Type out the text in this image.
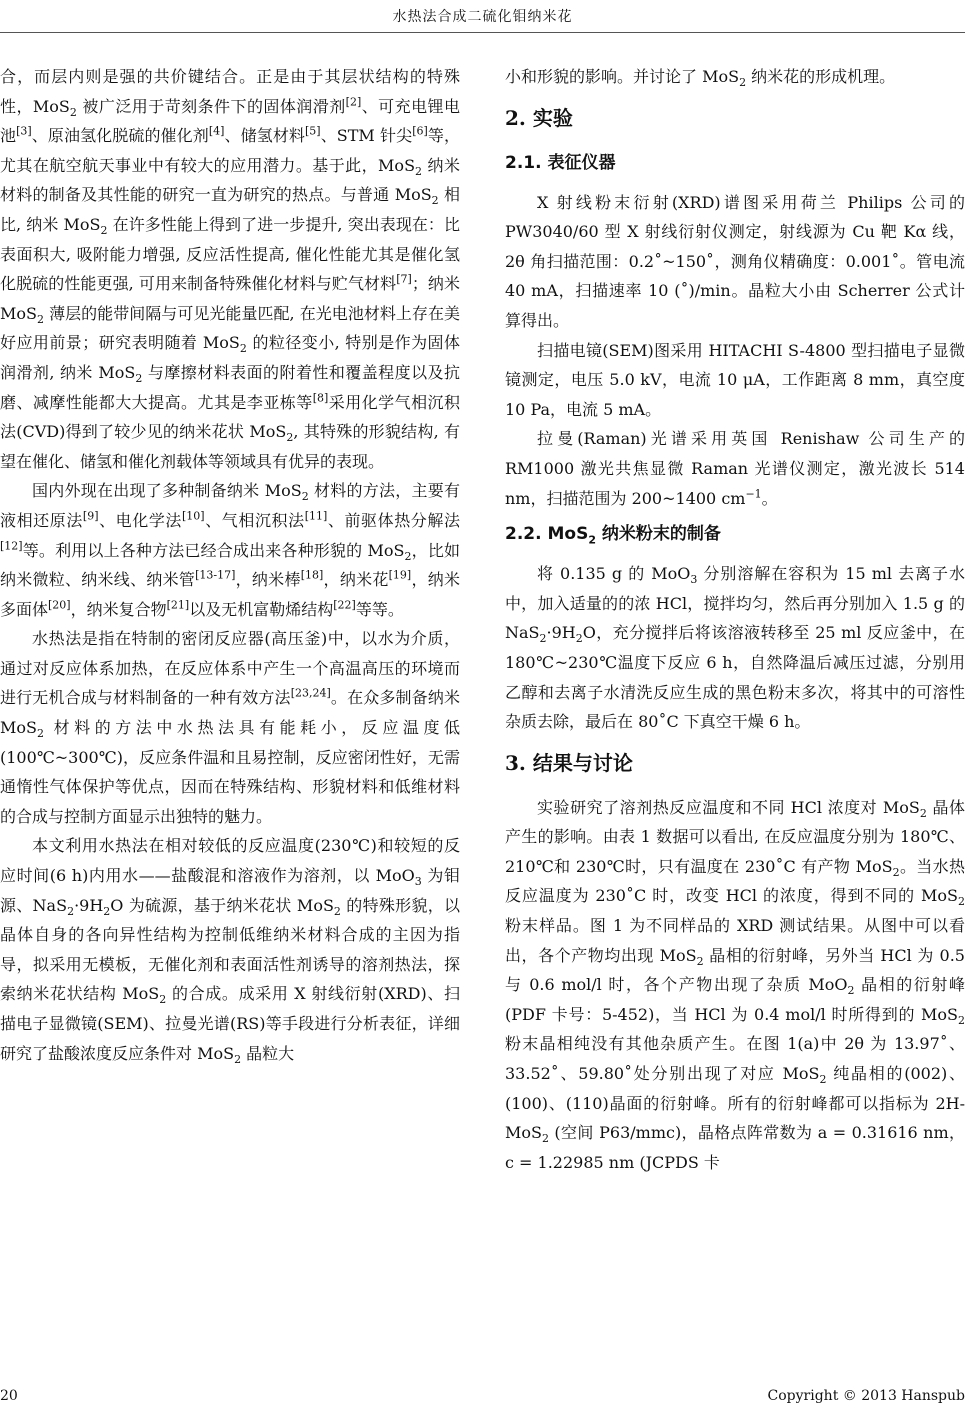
水热法合成二硫化钼纳米花

合，而层内则是强的共价键结合。正是由于其层状结构的特殊性，MoS$_2$ 被广泛用于苛刻条件下的固体润滑剂[2]、可充电锂电池[3]、原油氢化脱硫的催化剂[4]、储氢材料[5]、STM 针尖[6]等，尤其在航空航天事业中有较大的应用潜力。基于此，MoS$_2$ 纳米材料的制备及其性能的研究一直为研究的热点。与普通 MoS$_2$ 相比, 纳米 MoS$_2$ 在许多性能上得到了进一步提升, 突出表现在：比表面积大, 吸附能力增强, 反应活性提高, 催化性能尤其是催化氢化脱硫的性能更强, 可用来制备特殊催化材料与贮气材料[7]；纳米 MoS$_2$ 薄层的能带间隔与可见光能量匹配, 在光电池材料上存在美好应用前景；研究表明随着 MoS$_2$ 的粒径变小, 特别是作为固体润滑剂, 纳米 MoS$_2$ 与摩擦材料表面的附着性和覆盖程度以及抗磨、减摩性能都大大提高。尤其是李亚栋等[8]采用化学气相沉积法(CVD)得到了较少见的纳米花状 MoS$_2$, 其特殊的形貌结构, 有望在催化、储氢和催化剂载体等领域具有优异的表现。

国内外现在出现了多种制备纳米 MoS$_2$ 材料的方法，主要有液相还原法[9]、电化学法[10]、气相沉积法[11]、前驱体热分解法[12]等。利用以上各种方法已经合成出来各种形貌的 MoS$_2$，比如纳米微粒、纳米线、纳米管[13-17]，纳米棒[18]，纳米花[19]，纳米多面体[20]，纳米复合物[21]以及无机富勒烯结构[22]等等。

水热法是指在特制的密闭反应器(高压釜)中，以水为介质，通过对反应体系加热，在反应体系中产生一个高温高压的环境而进行无机合成与材料制备的一种有效方法[23,24]。在众多制备纳米 MoS$_2$ 材料的方法中水热法具有能耗小，反应温度低(100℃~300℃)，反应条件温和且易控制，反应密闭性好，无需通惰性气体保护等优点，因而在特殊结构、形貌材料和低维材料的合成与控制方面显示出独特的魅力。

本文利用水热法在相对较低的反应温度(230℃)和较短的反应时间(6 h)内用水——盐酸混和溶液作为溶剂，以 MoO$_3$ 为钼源、$NaS_2\cdot 9H_2O$ 为硫源，基于纳米花状 MoS$_2$ 的特殊形貌，以晶体自身的各向异性结构为控制低维纳米材料合成的主因为指导，拟采用无模板，无催化剂和表面活性剂诱导的溶剂热法，探索纳米花状结构 MoS$_2$ 的合成。成采用 X 射线衍射(XRD)、扫描电子显微镜(SEM)、拉曼光谱(RS)等手段进行分析表征，详细研究了盐酸浓度反应条件对 MoS$_2$ 晶粒大

小和形貌的影响。并讨论了 MoS$_2$ 纳米花的形成机理。

2. 实验
2.1. 表征仪器

X 射线粉末衍射(XRD)谱图采用荷兰 Philips 公司的 PW3040/60 型 X 射线衍射仪测定，射线源为 Cu 靶 Kα 线，2θ 角扫描范围：0.2˚~150˚，测角仪精确度：0.001˚。管电流 40 mA，扫描速率 10 (˚)/min。晶粒大小由 Scherrer 公式计算得出。

扫描电镜(SEM)图采用 HITACHI S-4800 型扫描电子显微镜测定，电压 5.0 kV，电流 10 μA，工作距离 8 mm，真空度 10 Pa，电流 5 mA。

拉曼(Raman)光谱采用英国 Renishaw 公司生产的 RM1000 激光共焦显微 Raman 光谱仪测定，激光波长 514 nm，扫描范围为 200~1400 $cm^{-1}$。

2.2. MoS$_2$ 纳米粉末的制备

将 0.135 g 的 MoO$_3$ 分别溶解在容积为 15 ml 去离子水中，加入适量的的浓 HCl，搅拌均匀，然后再分别加入 1.5 g 的 $NaS_2\cdot 9H_2O$，充分搅拌后将该溶液转移至 25 ml 反应釜中，在 180℃~230℃温度下反应 6 h，自然降温后减压过滤，分别用乙醇和去离子水清洗反应生成的黑色粉末多次，将其中的可溶性杂质去除，最后在 80˚C 下真空干燥 6 h。

3. 结果与讨论

实验研究了溶剂热反应温度和不同 HCl 浓度对 MoS$_2$ 晶体产生的影响。由表 1 数据可以看出, 在反应温度分别为 180℃、210℃和 230℃时，只有温度在 230˚C 有产物 MoS$_2$。当水热反应温度为 230˚C 时，改变 HCl 的浓度，得到不同的 MoS$_2$ 粉末样品。图 1 为不同样品的 XRD 测试结果。从图中可以看出，各个产物均出现 MoS$_2$ 晶相的衍射峰，另外当 HCl 为 0.5 与 0.6 mol/l 时，各个产物出现了杂质 MoO$_2$ 晶相的衍射峰(PDF 卡号：5-452)，当 HCl 为 0.4 mol/l 时所得到的 MoS$_2$ 粉末晶相纯没有其他杂质产生。在图 1(a)中 2θ 为 13.97˚、33.52˚、59.80˚处分别出现了对应 MoS$_2$ 纯晶相的(002)、(100)、(110)晶面的衍射峰。所有的衍射峰都可以指标为 2H-MoS$_2$ (空间 P63/mmc)，晶格点阵常数为 a = 0.31616 nm，c = 1.22985 nm (JCPDS 卡

20	Copyright © 2013 Hanspub
